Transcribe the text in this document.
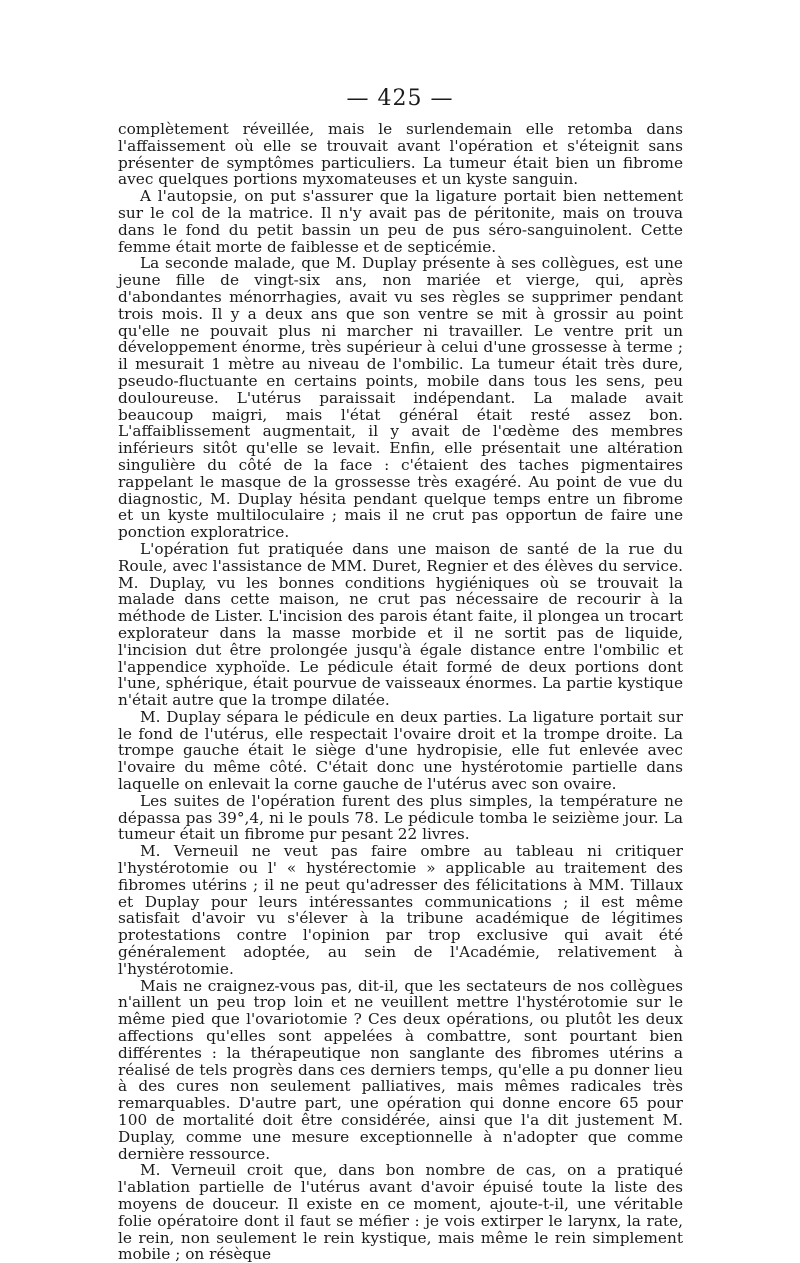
— 425 —

complètement réveillée, mais le surlendemain elle retomba dans l'affaissement où elle se trouvait avant l'opération et s'éteignit sans présenter de symptômes particuliers. La tumeur était bien un fibrome avec quelques portions myxomateuses et un kyste sanguin.

A l'autopsie, on put s'assurer que la ligature portait bien nettement sur le col de la matrice. Il n'y avait pas de péritonite, mais on trouva dans le fond du petit bassin un peu de pus séro-sanguinolent. Cette femme était morte de faiblesse et de septicémie.

La seconde malade, que M. Duplay présente à ses collègues, est une jeune fille de vingt-six ans, non mariée et vierge, qui, après d'abondantes ménorrhagies, avait vu ses règles se supprimer pendant trois mois. Il y a deux ans que son ventre se mit à grossir au point qu'elle ne pouvait plus ni marcher ni travailler. Le ventre prit un développement énorme, très supérieur à celui d'une grossesse à terme ; il mesurait 1 mètre au niveau de l'ombilic. La tumeur était très dure, pseudo-fluctuante en certains points, mobile dans tous les sens, peu douloureuse. L'utérus paraissait indépendant. La malade avait beaucoup maigri, mais l'état général était resté assez bon. L'affaiblissement augmentait, il y avait de l'œdème des membres inférieurs sitôt qu'elle se levait. Enfin, elle présentait une altération singulière du côté de la face : c'étaient des taches pigmentaires rappelant le masque de la grossesse très exagéré. Au point de vue du diagnostic, M. Duplay hésita pendant quelque temps entre un fibrome et un kyste multiloculaire ; mais il ne crut pas opportun de faire une ponction exploratrice.

L'opération fut pratiquée dans une maison de santé de la rue du Roule, avec l'assistance de MM. Duret, Regnier et des élèves du service. M. Duplay, vu les bonnes conditions hygiéniques où se trouvait la malade dans cette maison, ne crut pas nécessaire de recourir à la méthode de Lister. L'incision des parois étant faite, il plongea un trocart explorateur dans la masse morbide et il ne sortit pas de liquide, l'incision dut être prolongée jusqu'à égale distance entre l'ombilic et l'appendice xyphoïde. Le pédicule était formé de deux portions dont l'une, sphérique, était pourvue de vaisseaux énormes. La partie kystique n'était autre que la trompe dilatée.

M. Duplay sépara le pédicule en deux parties. La ligature portait sur le fond de l'utérus, elle respectait l'ovaire droit et la trompe droite. La trompe gauche était le siège d'une hydropisie, elle fut enlevée avec l'ovaire du même côté. C'était donc une hystérotomie partielle dans laquelle on enlevait la corne gauche de l'utérus avec son ovaire.

Les suites de l'opération furent des plus simples, la température ne dépassa pas 39°,4, ni le pouls 78. Le pédicule tomba le seizième jour. La tumeur était un fibrome pur pesant 22 livres.

M. Verneuil ne veut pas faire ombre au tableau ni critiquer l'hystérotomie ou l' « hystérectomie » applicable au traitement des fibromes utérins ; il ne peut qu'adresser des félicitations à MM. Tillaux et Duplay pour leurs intéressantes communications ; il est même satisfait d'avoir vu s'élever à la tribune académique de légitimes protestations contre l'opinion par trop exclusive qui avait été généralement adoptée, au sein de l'Académie, relativement à l'hystérotomie.

Mais ne craignez-vous pas, dit-il, que les sectateurs de nos collègues n'aillent un peu trop loin et ne veuillent mettre l'hystérotomie sur le même pied que l'ovariotomie ? Ces deux opérations, ou plutôt les deux affections qu'elles sont appelées à combattre, sont pourtant bien différentes : la thérapeutique non sanglante des fibromes utérins a réalisé de tels progrès dans ces derniers temps, qu'elle a pu donner lieu à des cures non seulement palliatives, mais mêmes radicales très remarquables. D'autre part, une opération qui donne encore 65 pour 100 de mortalité doit être considérée, ainsi que l'a dit justement M. Duplay, comme une mesure exceptionnelle à n'adopter que comme dernière ressource.

M. Verneuil croit que, dans bon nombre de cas, on a pratiqué l'ablation partielle de l'utérus avant d'avoir épuisé toute la liste des moyens de douceur. Il existe en ce moment, ajoute-t-il, une véritable folie opératoire dont il faut se méfier : je vois extirper le larynx, la rate, le rein, non seulement le rein kystique, mais même le rein simplement mobile ; on résèque
